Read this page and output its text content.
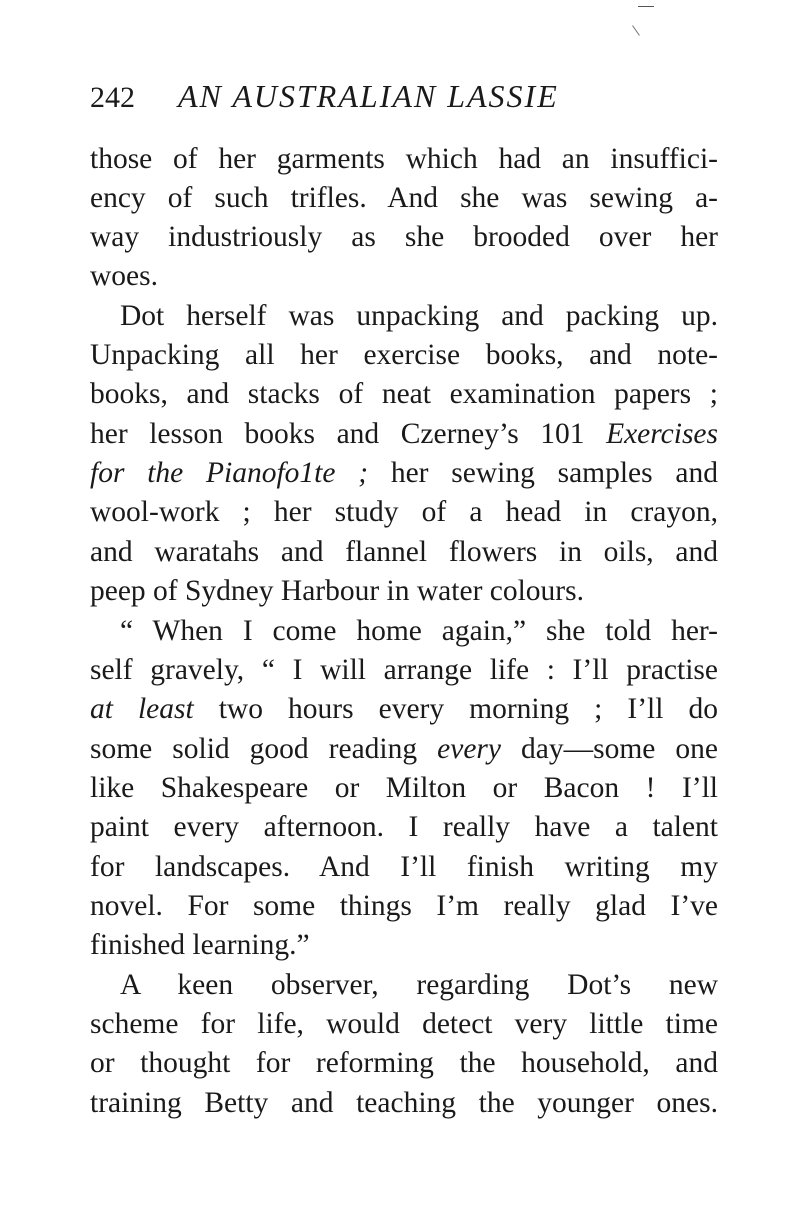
242 AN AUSTRALIAN LASSIE
those of her garments which had an insuffici-
ency of such trifles. And she was sewing a-
way industriously as she brooded over her
woes.
Dot herself was unpacking and packing up.
Unpacking all her exercise books, and note-
books, and stacks of neat examination papers ;
her lesson books and Czerney’s 101 Exercises
for the Pianofo1te ; her sewing samples and
wool-work ; her study of a head in crayon,
and waratahs and flannel flowers in oils, and
peep of Sydney Harbour in water colours.
“ When I come home again,” she told her-
self gravely, “ I will arrange life : I’ll practise
at least two hours every morning ; I’ll do
some solid good reading every day—some one
like Shakespeare or Milton or Bacon ! I’ll
paint every afternoon. I really have a talent
for landscapes. And I’ll finish writing my
novel. For some things I’m really glad I’ve
finished learning.”
A keen observer, regarding Dot’s new
scheme for life, would detect very little time
or thought for reforming the household, and
training Betty and teaching the younger ones.
